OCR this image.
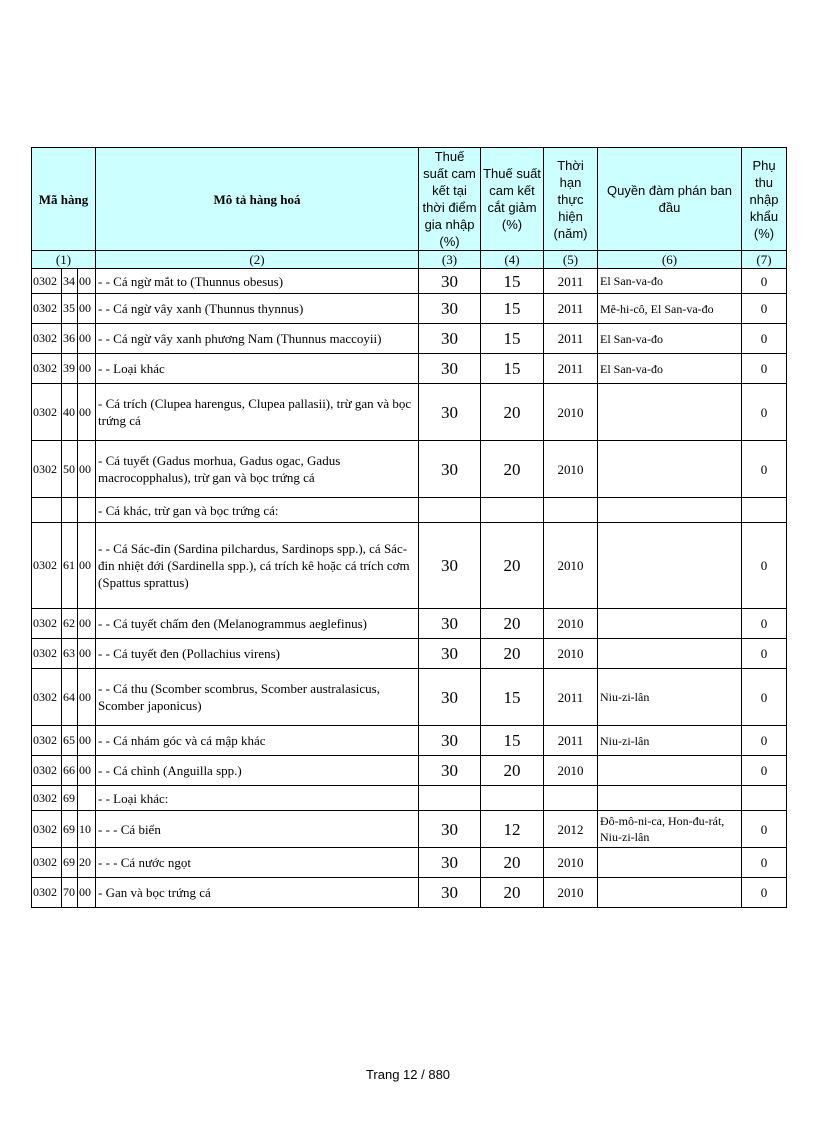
Mã hàng			Mô tả hàng hoá	Thuế suất cam kết tại thời điểm gia nhập (%)	Thuế suất cam kết cắt giảm (%)	Thời hạn thực hiện (năm)	Quyền đàm phán ban đầu	Phụ thu nhập khẩu (%)
(1)			(2)	(3)	(4)	(5)	(6)	(7)
0302	34	00	- - Cá ngừ mắt to (Thunnus obesus)	30	15	2011	El San-va-đo	0
0302	35	00	- - Cá ngừ vây xanh (Thunnus thynnus)	30	15	2011	Mê-hi-cô, El San-va-đo	0
0302	36	00	- - Cá ngừ vây xanh phương Nam (Thunnus maccoyii)	30	15	2011	El San-va-đo	0
0302	39	00	- - Loại khác	30	15	2011	El San-va-đo	0
0302	40	00	- Cá trích (Clupea harengus, Clupea pallasii), trừ gan và bọc trứng cá	30	20	2010		0
0302	50	00	- Cá tuyết (Gadus morhua, Gadus ogac, Gadus macrocopphalus), trừ gan và bọc trứng cá	30	20	2010		0
			- Cá khác, trừ gan và bọc trứng cá:					
0302	61	00	- - Cá Sác-đin (Sardina pilchardus, Sardinops spp.), cá Sác-đin nhiệt đới (Sardinella spp.), cá trích kê hoặc cá trích cơm (Spattus sprattus)	30	20	2010		0
0302	62	00	- - Cá tuyết chấm đen (Melanogrammus aeglefinus)	30	20	2010		0
0302	63	00	- - Cá tuyết đen (Pollachius virens)	30	20	2010		0
0302	64	00	- - Cá thu (Scomber scombrus, Scomber australasicus, Scomber japonicus)	30	15	2011	Niu-zi-lân	0
0302	65	00	- - Cá nhám góc và cá mập khác	30	15	2011	Niu-zi-lân	0
0302	66	00	- - Cá chình (Anguilla spp.)	30	20	2010		0
0302	69		- - Loại khác:					
0302	69	10	- - - Cá biển	30	12	2012	Đô-mô-ni-ca, Hon-đu-rát, Niu-zi-lân	0
0302	69	20	- - - Cá nước ngọt	30	20	2010		0
0302	70	00	- Gan và bọc trứng cá	30	20	2010		0
Trang 12 / 880
